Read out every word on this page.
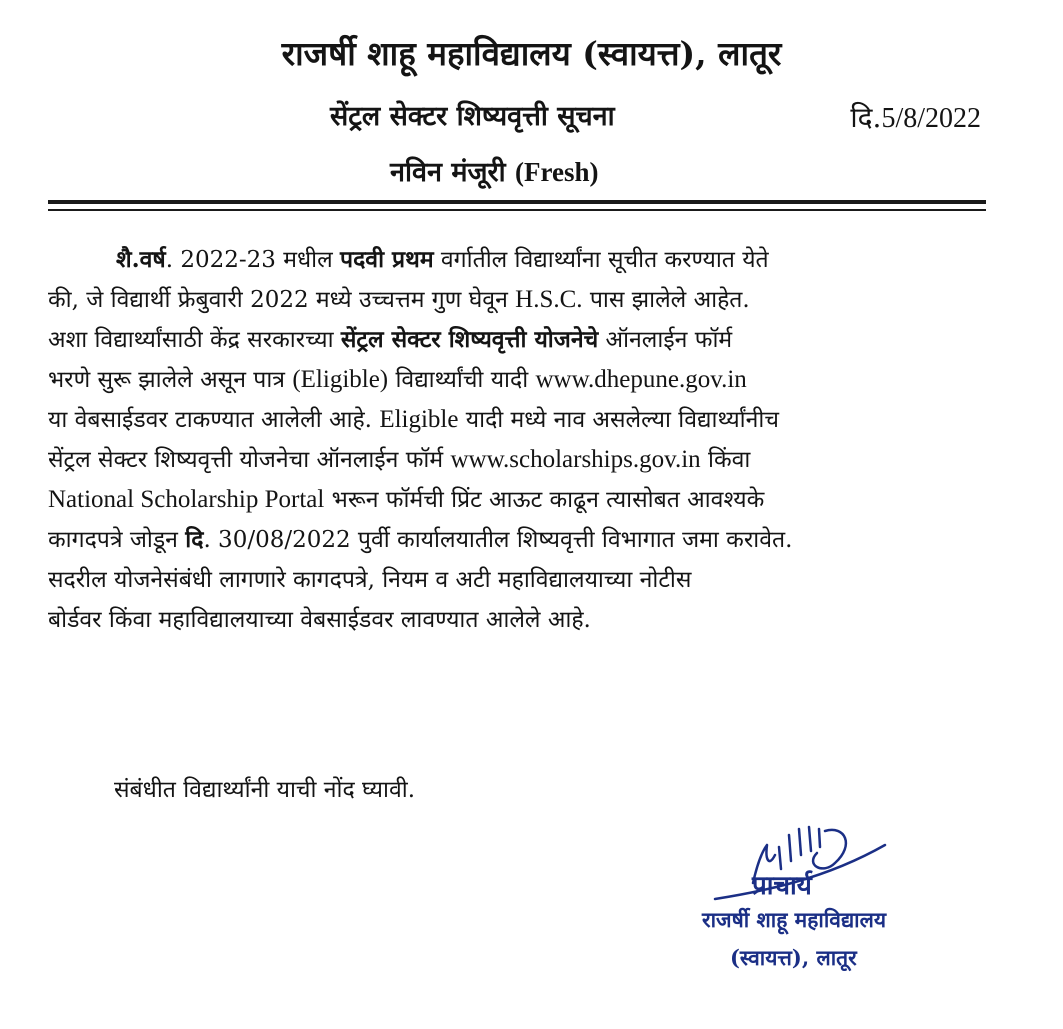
राजर्षी शाहू महाविद्यालय (स्वायत्त), लातूर
सेंट्रल सेक्टर शिष्यवृत्ती सूचना	दि.5/8/2022
नविन मंजूरी (Fresh)
शै.वर्ष. 2022-23 मधील पदवी प्रथम वर्गातील विद्यार्थ्यांना सूचीत करण्यात येते
की, जे विद्यार्थी फ्रेबुवारी 2022 मध्ये उच्चत्तम गुण घेवून H.S.C. पास झालेले आहेत.
अशा विद्यार्थ्यांसाठी केंद्र सरकारच्या सेंट्रल सेक्टर शिष्यवृत्ती योजनेचे ऑनलाईन फॉर्म
भरणे सुरू झालेले असून पात्र (Eligible) विद्यार्थ्यांची यादी www.dhepune.gov.in
या वेबसाईडवर टाकण्यात आलेली आहे. Eligible यादी मध्ये नाव असलेल्या विद्यार्थ्यांनीच
सेंट्रल सेक्टर शिष्यवृत्ती योजनेचा ऑनलाईन फॉर्म www.scholarships.gov.in किंवा
National Scholarship Portal भरून फॉर्मची प्रिंट आऊट काढून त्यासोबत आवश्यके
कागदपत्रे जोडून दि. 30/08/2022 पुर्वी कार्यालयातील शिष्यवृत्ती विभागात जमा करावेत.
सदरील योजनेसंबंधी लागणारे कागदपत्रे, नियम व अटी महाविद्यालयाच्या नोटीस
बोर्डवर किंवा महाविद्यालयाच्या वेबसाईडवर लावण्यात आलेले आहे.
संबंधीत विद्यार्थ्यांनी याची नोंद घ्यावी.
प्राचार्य
राजर्षी शाहू महाविद्यालय
(स्वायत्त), लातूर
